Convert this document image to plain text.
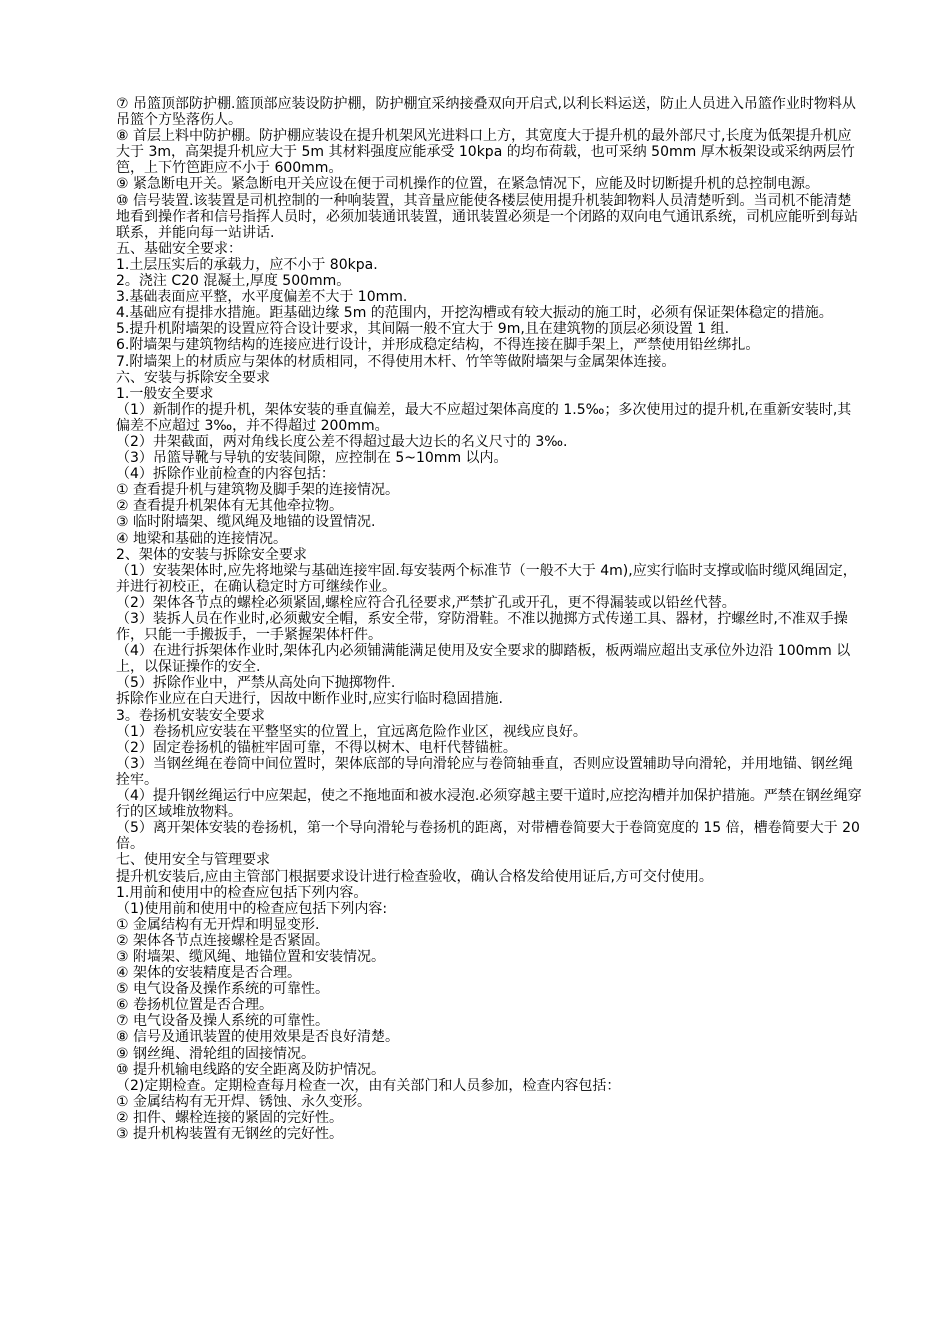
⑦ 吊篮顶部防护棚.篮顶部应装设防护棚，防护棚宜采纳接叠双向开启式,以利长料运送，防止人员进入吊篮作业时物料从吊篮个方坠落伤人。

⑧ 首层上料中防护棚。防护棚应装设在提升机架风光进料口上方，其宽度大于提升机的最外部尺寸,长度为低架提升机应大于 3m，高架提升机应大于 5m 其材料强度应能承受 10kpa 的均布荷载，也可采纳 50mm 厚木板架设或采纳两层竹笆，上下竹笆距应不小于 600mm。

⑨ 紧急断电开关。紧急断电开关应设在便于司机操作的位置，在紧急情况下，应能及时切断提升机的总控制电源。

⑩ 信号装置.该装置是司机控制的一种响装置，其音量应能使各楼层使用提升机装卸物料人员清楚听到。当司机不能清楚地看到操作者和信号指挥人员时，必须加装通讯装置，通讯装置必须是一个闭路的双向电气通讯系统，司机应能听到每站联系，并能向每一站讲话.

五、基础安全要求：

1.土层压实后的承载力，应不小于 80kpa.

2。浇注 C20 混凝土,厚度 500mm。

3.基础表面应平整，水平度偏差不大于 10mm.

4.基础应有提排水措施。距基础边缘 5m 的范围内，开挖沟槽或有较大振动的施工时，必须有保证架体稳定的措施。

5.提升机附墙架的设置应符合设计要求，其间隔一般不宜大于 9m,且在建筑物的顶层必须设置 1 组.

6.附墙架与建筑物结构的连接应进行设计，并形成稳定结构，不得连接在脚手架上，严禁使用铅丝绑扎。

7.附墙架上的材质应与架体的材质相同，不得使用木杆、竹竿等做附墙架与金属架体连接。

六、安装与拆除安全要求

1.一般安全要求

（1）新制作的提升机，架体安装的垂直偏差，最大不应超过架体高度的 1.5‰；多次使用过的提升机,在重新安装时,其偏差不应超过 3‰，并不得超过 200mm。

（2）井架截面，两对角线长度公差不得超过最大边长的名义尺寸的 3‰.

（3）吊篮导靴与导轨的安装间隙，应控制在 5~10mm 以内。

（4）拆除作业前检查的内容包括：

① 查看提升机与建筑物及脚手架的连接情况。

② 查看提升机架体有无其他牵拉物。

③ 临时附墙架、缆风绳及地锚的设置情况.

④ 地梁和基础的连接情况。

2、架体的安装与拆除安全要求

（1）安装架体时,应先将地梁与基础连接牢固.每安装两个标准节（一般不大于 4m),应实行临时支撑或临时缆风绳固定，并进行初校正，在确认稳定时方可继续作业。

（2）架体各节点的螺栓必须紧固,螺栓应符合孔径要求,严禁扩孔或开孔，更不得漏装或以铅丝代替。

（3）装拆人员在作业时,必须戴安全帽，系安全带，穿防滑鞋。不准以抛掷方式传递工具、器材，拧螺丝时,不准双手操作，只能一手搬扳手，一手紧握架体杆件。

（4）在进行拆架体作业时,架体孔内必须铺满能满足使用及安全要求的脚踏板，板两端应超出支承位外边沿 100mm 以上，以保证操作的安全.

（5）拆除作业中，严禁从高处向下抛掷物件.

拆除作业应在白天进行，因故中断作业时,应实行临时稳固措施.

3。卷扬机安装安全要求

（1）卷扬机应安装在平整坚实的位置上，宜远离危险作业区，视线应良好。

（2）固定卷扬机的锚桩牢固可靠，不得以树木、电杆代替锚桩。

（3）当钢丝绳在卷筒中间位置时，架体底部的导向滑轮应与卷筒轴垂直，否则应设置辅助导向滑轮，并用地锚、钢丝绳拴牢。

（4）提升钢丝绳运行中应架起，使之不拖地面和被水浸泡.必须穿越主要干道时,应挖沟槽并加保护措施。严禁在钢丝绳穿行的区域堆放物料。

（5）离开架体安装的卷扬机，第一个导向滑轮与卷扬机的距离，对带槽卷简要大于卷筒宽度的 15 倍，槽卷简要大于 20 倍。

七、使用安全与管理要求

提升机安装后,应由主管部门根据要求设计进行检查验收，确认合格发给使用证后,方可交付使用。

1.用前和使用中的检查应包括下列内容。

（1)使用前和使用中的检查应包括下列内容:

① 金属结构有无开焊和明显变形.

② 架体各节点连接螺栓是否紧固。

③ 附墙架、缆风绳、地锚位置和安装情况。

④ 架体的安装精度是否合理。

⑤ 电气设备及操作系统的可靠性。

⑥ 卷扬机位置是否合理。

⑦ 电气设备及操人系统的可靠性。

⑧ 信号及通讯装置的使用效果是否良好清楚。

⑨ 钢丝绳、滑轮组的固接情况。

⑩ 提升机输电线路的安全距离及防护情况。

（2)定期检查。定期检查每月检查一次，由有关部门和人员参加，检查内容包括：

① 金属结构有无开焊、锈蚀、永久变形。

② 扣件、螺栓连接的紧固的完好性。

③ 提升机构装置有无钢丝的完好性。
